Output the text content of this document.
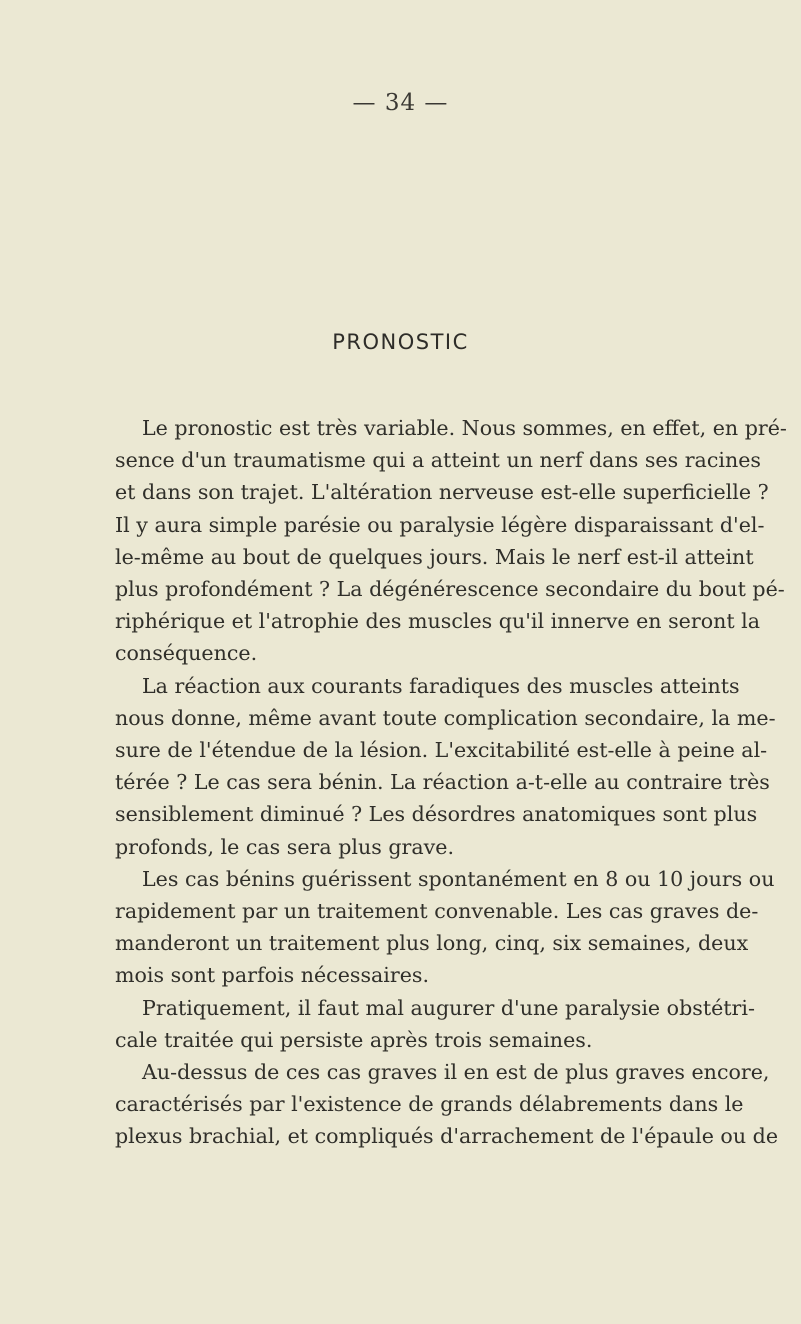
— 34 —
PRONOSTIC
Le pronostic est très variable. Nous sommes, en effet, en pré-
sence d'un traumatisme qui a atteint un nerf dans ses racines
et dans son trajet. L'altération nerveuse est-elle superficielle ?
Il y aura simple parésie ou paralysie légère disparaissant d'el-
le-même au bout de quelques jours. Mais le nerf est-il atteint
plus profondément ? La dégénérescence secondaire du bout pé-
riphérique et l'atrophie des muscles qu'il innerve en seront la
conséquence.
La réaction aux courants faradiques des muscles atteints
nous donne, même avant toute complication secondaire, la me-
sure de l'étendue de la lésion. L'excitabilité est-elle à peine al-
térée ? Le cas sera bénin. La réaction a-t-elle au contraire très
sensiblement diminué ? Les désordres anatomiques sont plus
profonds, le cas sera plus grave.
Les cas bénins guérissent spontanément en 8 ou 10 jours ou
rapidement par un traitement convenable. Les cas graves de-
manderont un traitement plus long, cinq, six semaines, deux
mois sont parfois nécessaires.
Pratiquement, il faut mal augurer d'une paralysie obstétri-
cale traitée qui persiste après trois semaines.
Au-dessus de ces cas graves il en est de plus graves encore,
caractérisés par l'existence de grands délabrements dans le
plexus brachial, et compliqués d'arrachement de l'épaule ou de
